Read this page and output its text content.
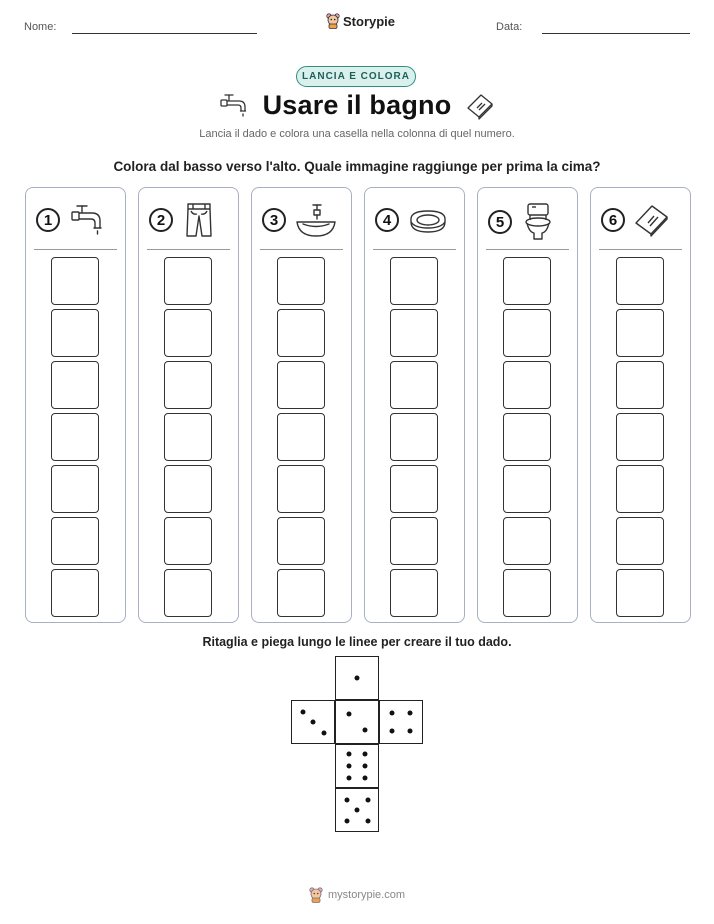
Nome:	Storypie	Data:
LANCIA E COLORA
Usare il bagno
Lancia il dado e colora una casella nella colonna di quel numero.
Colora dal basso verso l'alto. Quale immagine raggiunge per prima la cima?
1	2	3	4	5	6
Ritaglia e piega lungo le linee per creare il tuo dado.
mystorypie.com
